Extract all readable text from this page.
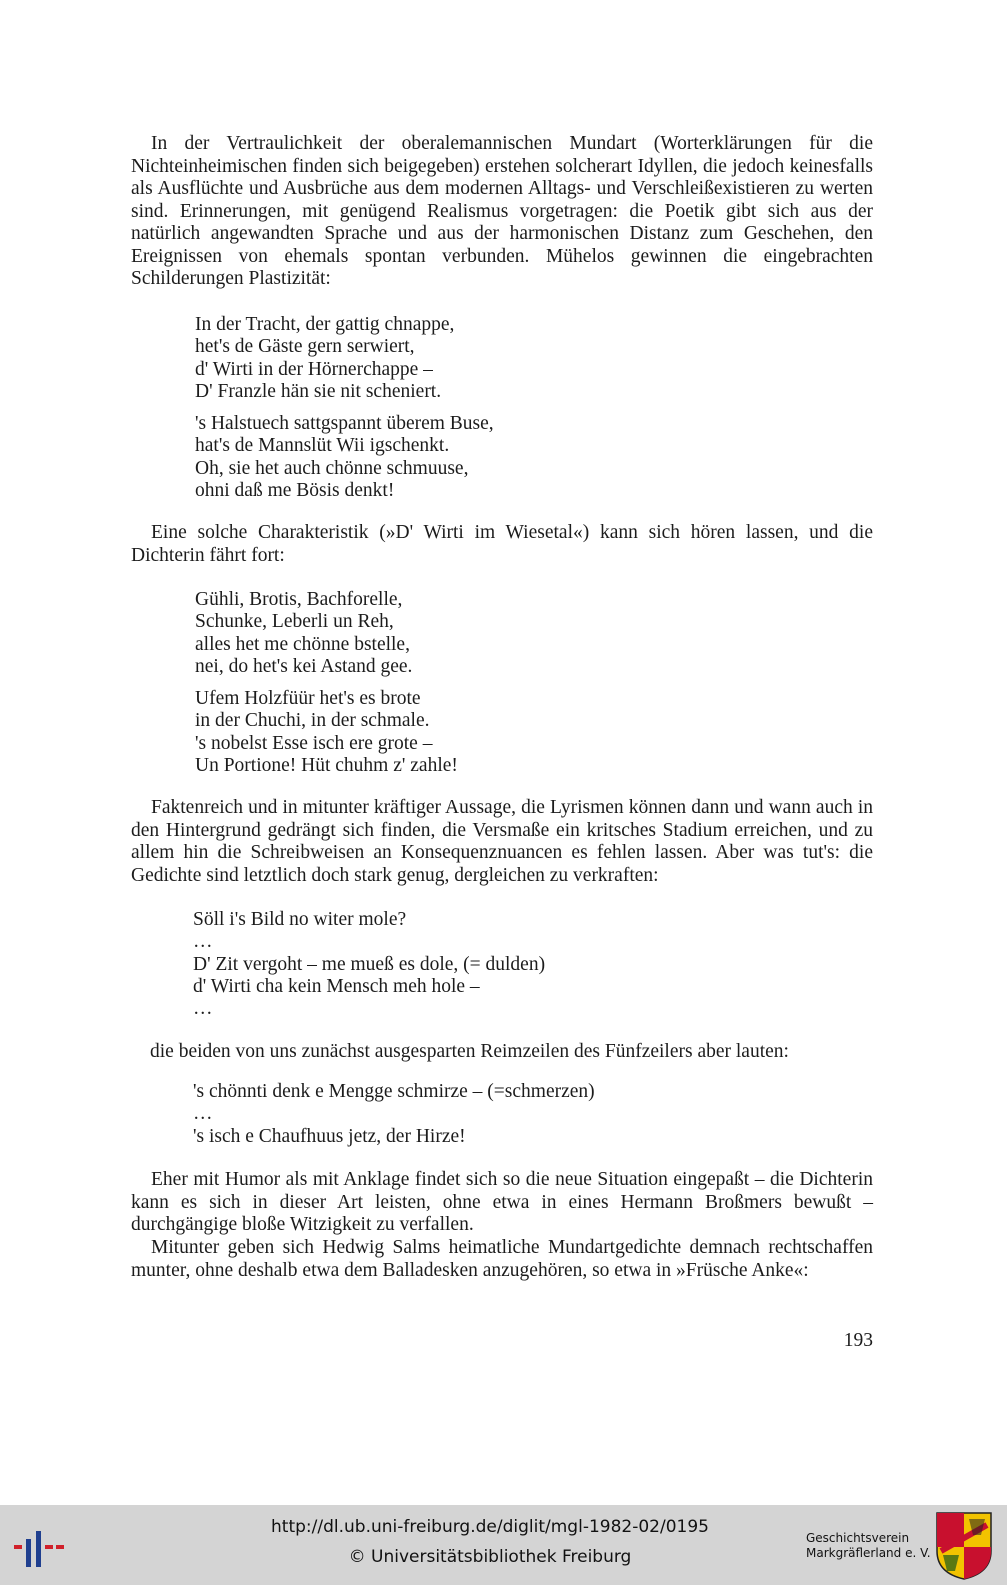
In der Vertraulichkeit der oberalemannischen Mundart (Worterklärungen für die Nichteinheimischen finden sich beigegeben) erstehen solcherart Idyllen, die jedoch keinesfalls als Ausflüchte und Ausbrüche aus dem modernen Alltags- und Verschleißexistieren zu werten sind. Erinnerungen, mit genügend Realismus vorgetragen: die Poetik gibt sich aus der natürlich angewandten Sprache und aus der harmonischen Distanz zum Geschehen, den Ereignissen von ehemals spontan verbunden. Mühelos gewinnen die eingebrachten Schilderungen Plastizität:

In der Tracht, der gattig chnappe,
het's de Gäste gern serwiert,
d' Wirti in der Hörnerchappe –
D' Franzle hän sie nit scheniert.
's Halstuech sattgspannt überem Buse,
hat's de Mannslüt Wii igschenkt.
Oh, sie het auch chönne schmuuse,
ohni daß me Bösis denkt!

Eine solche Charakteristik (»D' Wirti im Wiesetal«) kann sich hören lassen, und die Dichterin fährt fort:

Gühli, Brotis, Bachforelle,
Schunke, Leberli un Reh,
alles het me chönne bstelle,
nei, do het's kei Astand gee.
Ufem Holzfüür het's es brote
in der Chuchi, in der schmale.
's nobelst Esse isch ere grote –
Un Portione! Hüt chuhm z' zahle!

Faktenreich und in mitunter kräftiger Aussage, die Lyrismen können dann und wann auch in den Hintergrund gedrängt sich finden, die Versmaße ein kritsches Stadium erreichen, und zu allem hin die Schreibweisen an Konsequenznuancen es fehlen lassen. Aber was tut's: die Gedichte sind letztlich doch stark genug, dergleichen zu verkraften:

Söll i's Bild no witer mole?
…
D' Zit vergoht – me mueß es dole, (= dulden)
d' Wirti cha kein Mensch meh hole –
…

die beiden von uns zunächst ausgesparten Reimzeilen des Fünfzeilers aber lauten:

's chönnti denk e Mengge schmirze – (=schmerzen)
…
's isch e Chaufhuus jetz, der Hirze!

Eher mit Humor als mit Anklage findet sich so die neue Situation eingepaßt – die Dichterin kann es sich in dieser Art leisten, ohne etwa in eines Hermann Broßmers bewußt – durchgängige bloße Witzigkeit zu verfallen.

Mitunter geben sich Hedwig Salms heimatliche Mundartgedichte demnach rechtschaffen munter, ohne deshalb etwa dem Balladesken anzugehören, so etwa in »Früsche Anke«:

193
http://dl.ub.uni-freiburg.de/diglit/mgl-1982-02/0195
© Universitätsbibliothek Freiburg
Geschichtsverein
Markgräflerland e. V.
